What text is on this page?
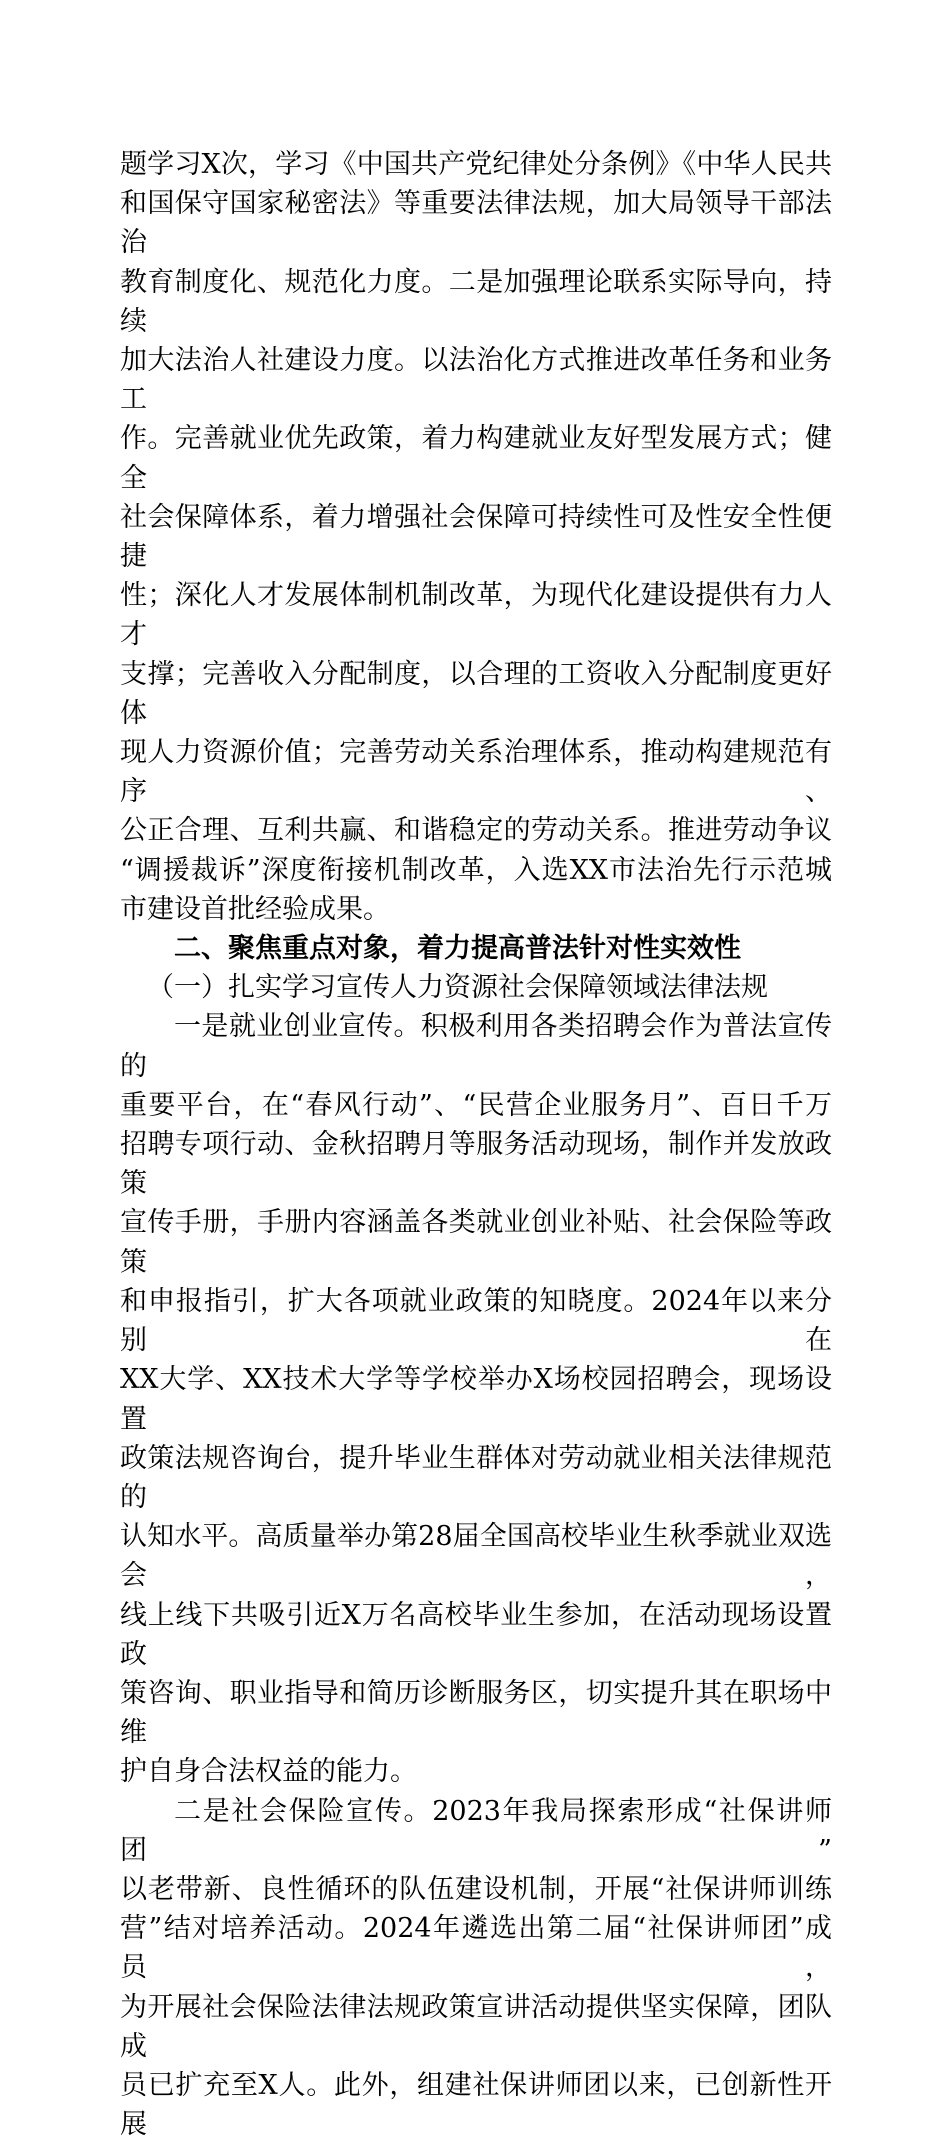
题学习X次，学习《中国共产党纪律处分条例》《中华人民共
和国保守国家秘密法》等重要法律法规，加大局领导干部法治
教育制度化、规范化力度。二是加强理论联系实际导向，持续
加大法治人社建设力度。以法治化方式推进改革任务和业务工
作。完善就业优先政策，着力构建就业友好型发展方式；健全
社会保障体系，着力增强社会保障可持续性可及性安全性便捷
性；深化人才发展体制机制改革，为现代化建设提供有力人才
支撑；完善收入分配制度，以合理的工资收入分配制度更好体
现人力资源价值；完善劳动关系治理体系，推动构建规范有序、
公正合理、互利共赢、和谐稳定的劳动关系。推进劳动争议
“调援裁诉”深度衔接机制改革，入选XX市法治先行示范城
市建设首批经验成果。
二、聚焦重点对象，着力提高普法针对性实效性
（一）扎实学习宣传人力资源社会保障领域法律法规
一是就业创业宣传。积极利用各类招聘会作为普法宣传的
重要平台，在“春风行动”、“民营企业服务月”、百日千万
招聘专项行动、金秋招聘月等服务活动现场，制作并发放政策
宣传手册，手册内容涵盖各类就业创业补贴、社会保险等政策
和申报指引，扩大各项就业政策的知晓度。2024年以来分别在
XX大学、XX技术大学等学校举办X场校园招聘会，现场设置
政策法规咨询台，提升毕业生群体对劳动就业相关法律规范的
认知水平。高质量举办第28届全国高校毕业生秋季就业双选会，
线上线下共吸引近X万名高校毕业生参加，在活动现场设置政
策咨询、职业指导和简历诊断服务区，切实提升其在职场中维
护自身合法权益的能力。
二是社会保险宣传。2023年我局探索形成“社保讲师团”
以老带新、良性循环的队伍建设机制，开展“社保讲师训练
营”结对培养活动。2024年遴选出第二届“社保讲师团”成员，
为开展社会保险法律法规政策宣讲活动提供坚实保障，团队成
员已扩充至X人。此外，组建社保讲师团以来，已创新性开展
